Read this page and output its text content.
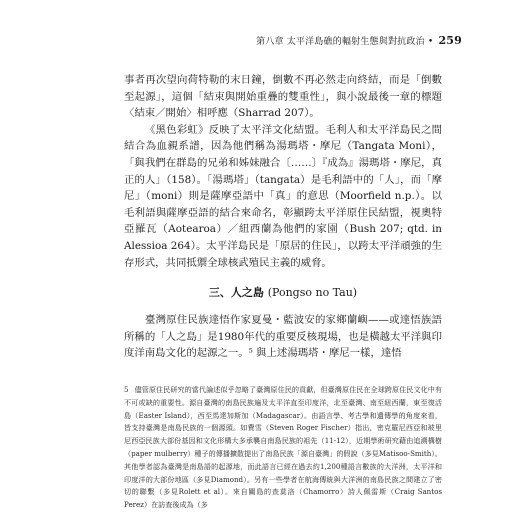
第八章 太平洋島礁的輻射生態與對抗政治 • 259

事者再次望向荷特勒的末日鐘，倒數不再必然走向終結，而是「倒數至起源」，這個「結束與開始重疊的雙重性」，與小說最後一章的標題〈結束／開始〉相呼應（Sharrad 207）。

《黑色彩虹》反映了太平洋文化結盟。毛利人和太平洋島民之間結合為血親系譜，因為他們稱為湯瑪塔・摩尼（Tangata Moni），「與我們在群島的兄弟和姊妹融合〔……〕『成為』湯瑪塔・摩尼，真正的人」（158）。「湯瑪塔」（tangata）是毛利語中的「人」，而「摩尼」（moni）則是薩摩亞語中「真」的意思（Moorfield n.p.）。以毛利語與薩摩亞語的結合來命名，彰顯跨太平洋原住民結盟，視奧特亞羅瓦（Aotearoa）／紐西蘭為他們的家園（Bush 207; qtd. in Alessioa 264）。太平洋島民是「原居的住民」，以跨太平洋頑強的生存形式，共同抵禦全球核武殖民主義的威脅。

三、人之島 (Pongso no Tau)

臺灣原住民族達悟作家夏曼・藍波安的家鄉蘭嶼——或達悟族語所稱的「人之島」是1980年代的重要反核現場，也是橫越太平洋與印度洋南島文化的起源之一。⁵ 與上述湯瑪塔・摩尼一樣，達悟

5 儘管原住民研究的當代論述似乎忽略了臺灣原住民的貢獻，但臺灣原住民在全球跨原住民文化中有不可或缺的重要性。源自臺灣的南島民族遍及太平洋直至印度洋，北至臺灣、南至紐西蘭，東至復活島（Easter Island），西至馬達加斯加（Madagascar）。由語言學、考古學和遺傳學的角度來看，皆支持臺灣是南島民族的一個源頭。如費雪（Steven Roger Fischer）指出，密克羅尼西亞和玻里尼西亞民族大部份基因和文化形構大多承襲自南島民族的祖先（11-12），近期學術研究藉由追溯構樹（paper mulberry）種子的傳播擴散提出了南島民族「源自臺灣」的假說（多見Matisoo-Smith）。其他學者認為臺灣是南島語的起源地，而此語言已經在過去約1,200種語言數族的大洋洲，太平洋和印度洋的大部份地區（多見Diamond）。另有一些學者在航海傳統與大洋洲的南島民族之間建立了密切的聯繫（多見Rolett et al）。來自關島的查莫洛（Chamorro）詩人佩雷斯（Craig Santos Perez）在訪查後成為（多
